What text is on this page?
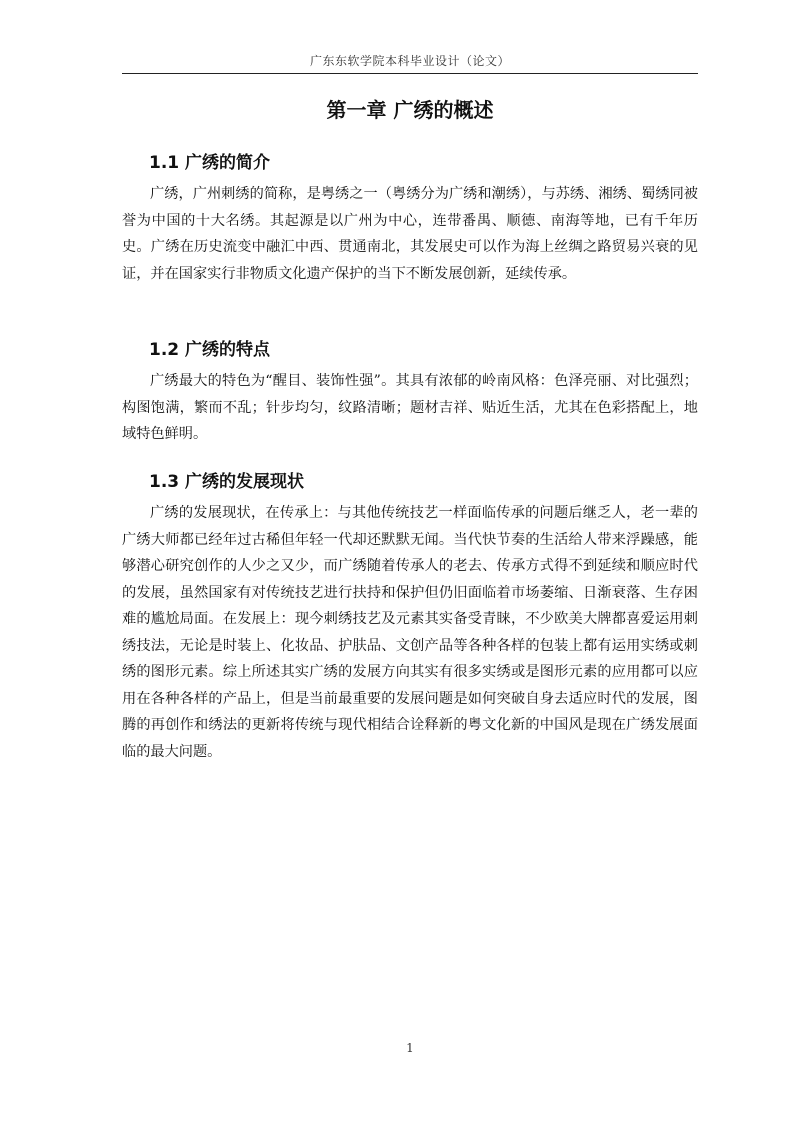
广东东软学院本科毕业设计（论文）
第一章 广绣的概述
1.1 广绣的简介

广绣，广州刺绣的简称，是粤绣之一（粤绣分为广绣和潮绣），与苏绣、湘绣、蜀绣同被誉为中国的十大名绣。其起源是以广州为中心，连带番禺、顺德、南海等地，已有千年历史。广绣在历史流变中融汇中西、贯通南北，其发展史可以作为海上丝绸之路贸易兴衰的见证，并在国家实行非物质文化遗产保护的当下不断发展创新，延续传承。

1.2 广绣的特点

广绣最大的特色为“醒目、装饰性强”。其具有浓郁的岭南风格：色泽亮丽、对比强烈；构图饱满，繁而不乱；针步均匀，纹路清晰；题材吉祥、贴近生活，尤其在色彩搭配上，地域特色鲜明。

1.3 广绣的发展现状

广绣的发展现状，在传承上：与其他传统技艺一样面临传承的问题后继乏人，老一辈的广绣大师都已经年过古稀但年轻一代却还默默无闻。当代快节奏的生活给人带来浮躁感，能够潜心研究创作的人少之又少，而广绣随着传承人的老去、传承方式得不到延续和顺应时代的发展，虽然国家有对传统技艺进行扶持和保护但仍旧面临着市场萎缩、日渐衰落、生存困难的尴尬局面。在发展上：现今刺绣技艺及元素其实备受青睐，不少欧美大牌都喜爱运用刺绣技法，无论是时装上、化妆品、护肤品、文创产品等各种各样的包装上都有运用实绣或刺绣的图形元素。综上所述其实广绣的发展方向其实有很多实绣或是图形元素的应用都可以应用在各种各样的产品上，但是当前最重要的发展问题是如何突破自身去适应时代的发展，图腾的再创作和绣法的更新将传统与现代相结合诠释新的粤文化新的中国风是现在广绣发展面临的最大问题。

1
